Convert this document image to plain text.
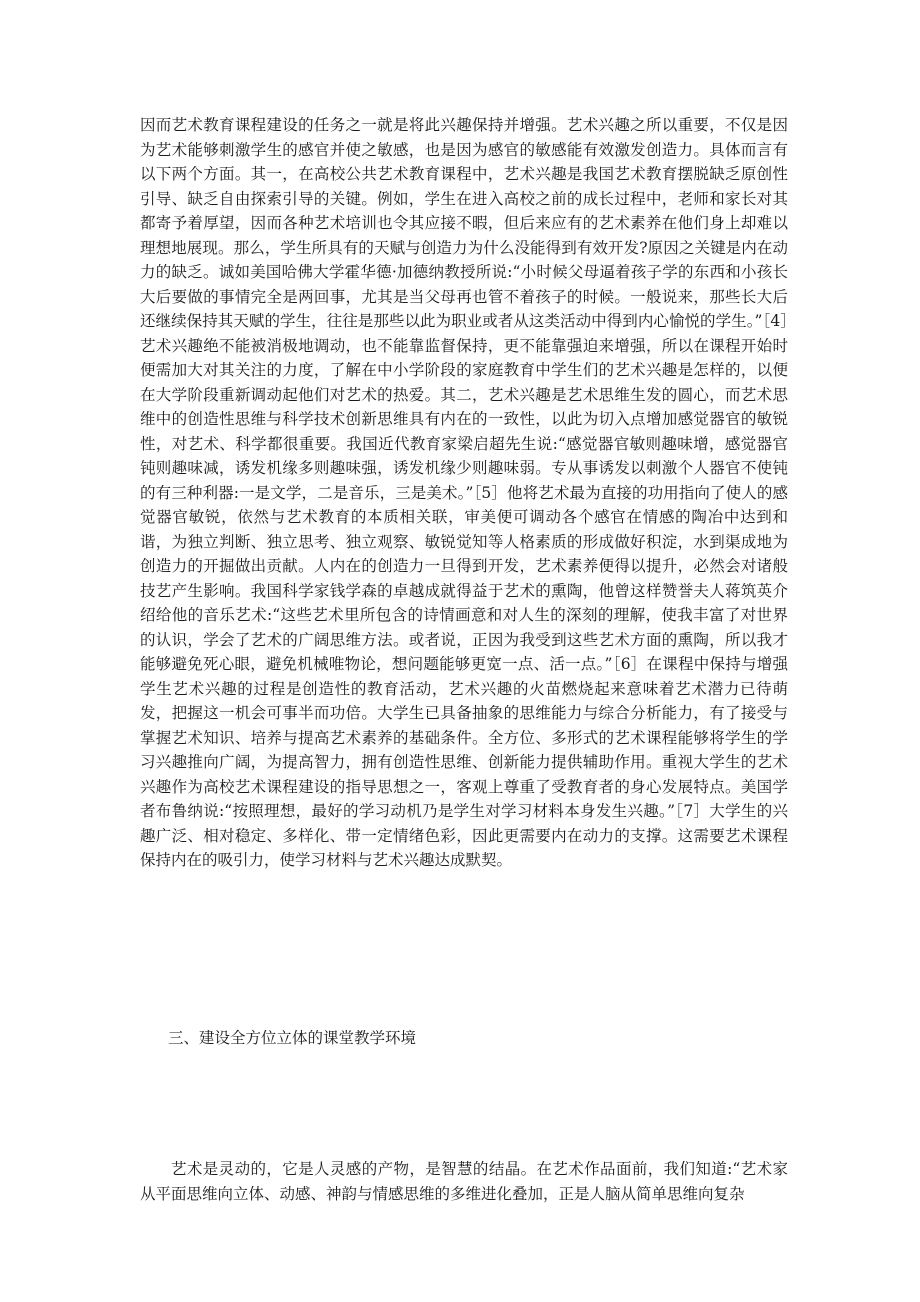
因而艺术教育课程建设的任务之一就是将此兴趣保持并增强。艺术兴趣之所以重要，不仅是因为艺术能够刺激学生的感官并使之敏感，也是因为感官的敏感能有效激发创造力。具体而言有以下两个方面。其一，在高校公共艺术教育课程中，艺术兴趣是我国艺术教育摆脱缺乏原创性引导、缺乏自由探索引导的关键。例如，学生在进入高校之前的成长过程中，老师和家长对其都寄予着厚望，因而各种艺术培训也令其应接不暇，但后来应有的艺术素养在他们身上却难以理想地展现。那么，学生所具有的天赋与创造力为什么没能得到有效开发?原因之关键是内在动力的缺乏。诚如美国哈佛大学霍华德·加德纳教授所说:“小时候父母逼着孩子学的东西和小孩长大后要做的事情完全是两回事，尤其是当父母再也管不着孩子的时候。一般说来，那些长大后还继续保持其天赋的学生，往往是那些以此为职业或者从这类活动中得到内心愉悦的学生。”［4］艺术兴趣绝不能被消极地调动，也不能靠监督保持，更不能靠强迫来增强，所以在课程开始时便需加大对其关注的力度，了解在中小学阶段的家庭教育中学生们的艺术兴趣是怎样的，以便在大学阶段重新调动起他们对艺术的热爱。其二，艺术兴趣是艺术思维生发的圆心，而艺术思维中的创造性思维与科学技术创新思维具有内在的一致性，以此为切入点增加感觉器官的敏锐性，对艺术、科学都很重要。我国近代教育家梁启超先生说:“感觉器官敏则趣味增，感觉器官钝则趣味减，诱发机缘多则趣味强，诱发机缘少则趣味弱。专从事诱发以刺激个人器官不使钝的有三种利器:一是文学，二是音乐，三是美术。”［5］他将艺术最为直接的功用指向了使人的感觉器官敏锐，依然与艺术教育的本质相关联，审美便可调动各个感官在情感的陶冶中达到和谐，为独立判断、独立思考、独立观察、敏锐觉知等人格素质的形成做好积淀，水到渠成地为创造力的开掘做出贡献。人内在的创造力一旦得到开发，艺术素养便得以提升，必然会对诸般技艺产生影响。我国科学家钱学森的卓越成就得益于艺术的熏陶，他曾这样赞誉夫人蒋筑英介绍给他的音乐艺术:“这些艺术里所包含的诗情画意和对人生的深刻的理解，使我丰富了对世界的认识，学会了艺术的广阔思维方法。或者说，正因为我受到这些艺术方面的熏陶，所以我才能够避免死心眼，避免机械唯物论，想问题能够更宽一点、活一点。”［6］在课程中保持与增强学生艺术兴趣的过程是创造性的教育活动，艺术兴趣的火苗燃烧起来意味着艺术潜力已待萌发，把握这一机会可事半而功倍。大学生已具备抽象的思维能力与综合分析能力，有了接受与掌握艺术知识、培养与提高艺术素养的基础条件。全方位、多形式的艺术课程能够将学生的学习兴趣推向广阔，为提高智力，拥有创造性思维、创新能力提供辅助作用。重视大学生的艺术兴趣作为高校艺术课程建设的指导思想之一，客观上尊重了受教育者的身心发展特点。美国学者布鲁纳说:“按照理想，最好的学习动机乃是学生对学习材料本身发生兴趣。”［7］大学生的兴趣广泛、相对稳定、多样化、带一定情绪色彩，因此更需要内在动力的支撑。这需要艺术课程保持内在的吸引力，使学习材料与艺术兴趣达成默契。

三、建设全方位立体的课堂教学环境

艺术是灵动的，它是人灵感的产物，是智慧的结晶。在艺术作品面前，我们知道:“艺术家从平面思维向立体、动感、神韵与情感思维的多维进化叠加，正是人脑从简单思维向复杂
